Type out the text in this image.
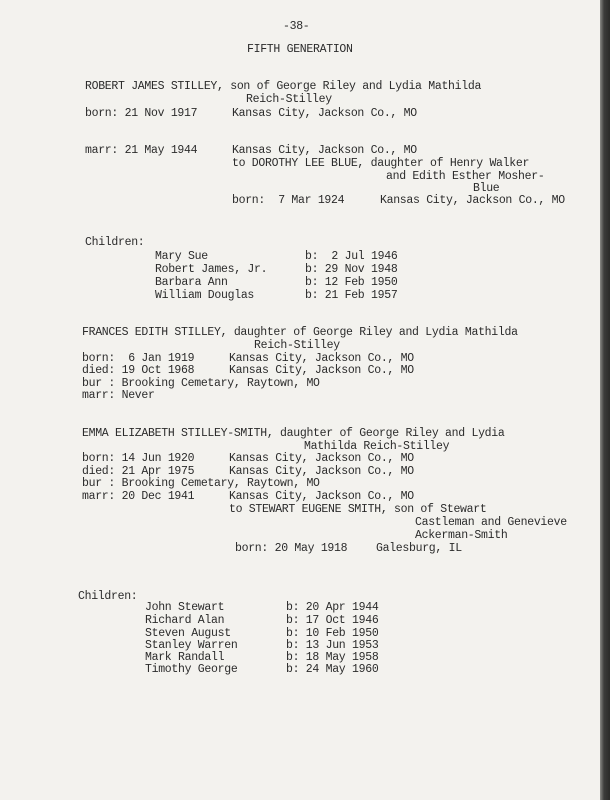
-38-
FIFTH GENERATION
ROBERT JAMES STILLEY, son of George Riley and Lydia Mathilda
Reich-Stilley
born: 21 Nov 1917	Kansas City, Jackson Co., MO
marr: 21 May 1944	Kansas City, Jackson Co., MO
to DOROTHY LEE BLUE, daughter of Henry Walker
and Edith Esther Mosher-
Blue
born:  7 Mar 1924	Kansas City, Jackson Co., MO
Children:
Mary Sue	b:  2 Jul 1946
Robert James, Jr.	b: 29 Nov 1948
Barbara Ann	b: 12 Feb 1950
William Douglas	b: 21 Feb 1957
FRANCES EDITH STILLEY, daughter of George Riley and Lydia Mathilda
Reich-Stilley
born:  6 Jan 1919	Kansas City, Jackson Co., MO
died: 19 Oct 1968	Kansas City, Jackson Co., MO
bur : Brooking Cemetary, Raytown, MO
marr: Never
EMMA ELIZABETH STILLEY-SMITH, daughter of George Riley and Lydia
Mathilda Reich-Stilley
born: 14 Jun 1920	Kansas City, Jackson Co., MO
died: 21 Apr 1975	Kansas City, Jackson Co., MO
bur : Brooking Cemetary, Raytown, MO
marr: 20 Dec 1941	Kansas City, Jackson Co., MO
to STEWART EUGENE SMITH, son of Stewart
Castleman and Genevieve
Ackerman-Smith
born: 20 May 1918	Galesburg, IL
Children:
John Stewart	b: 20 Apr 1944
Richard Alan	b: 17 Oct 1946
Steven August	b: 10 Feb 1950
Stanley Warren	b: 13 Jun 1953
Mark Randall	b: 18 May 1958
Timothy George	b: 24 May 1960
